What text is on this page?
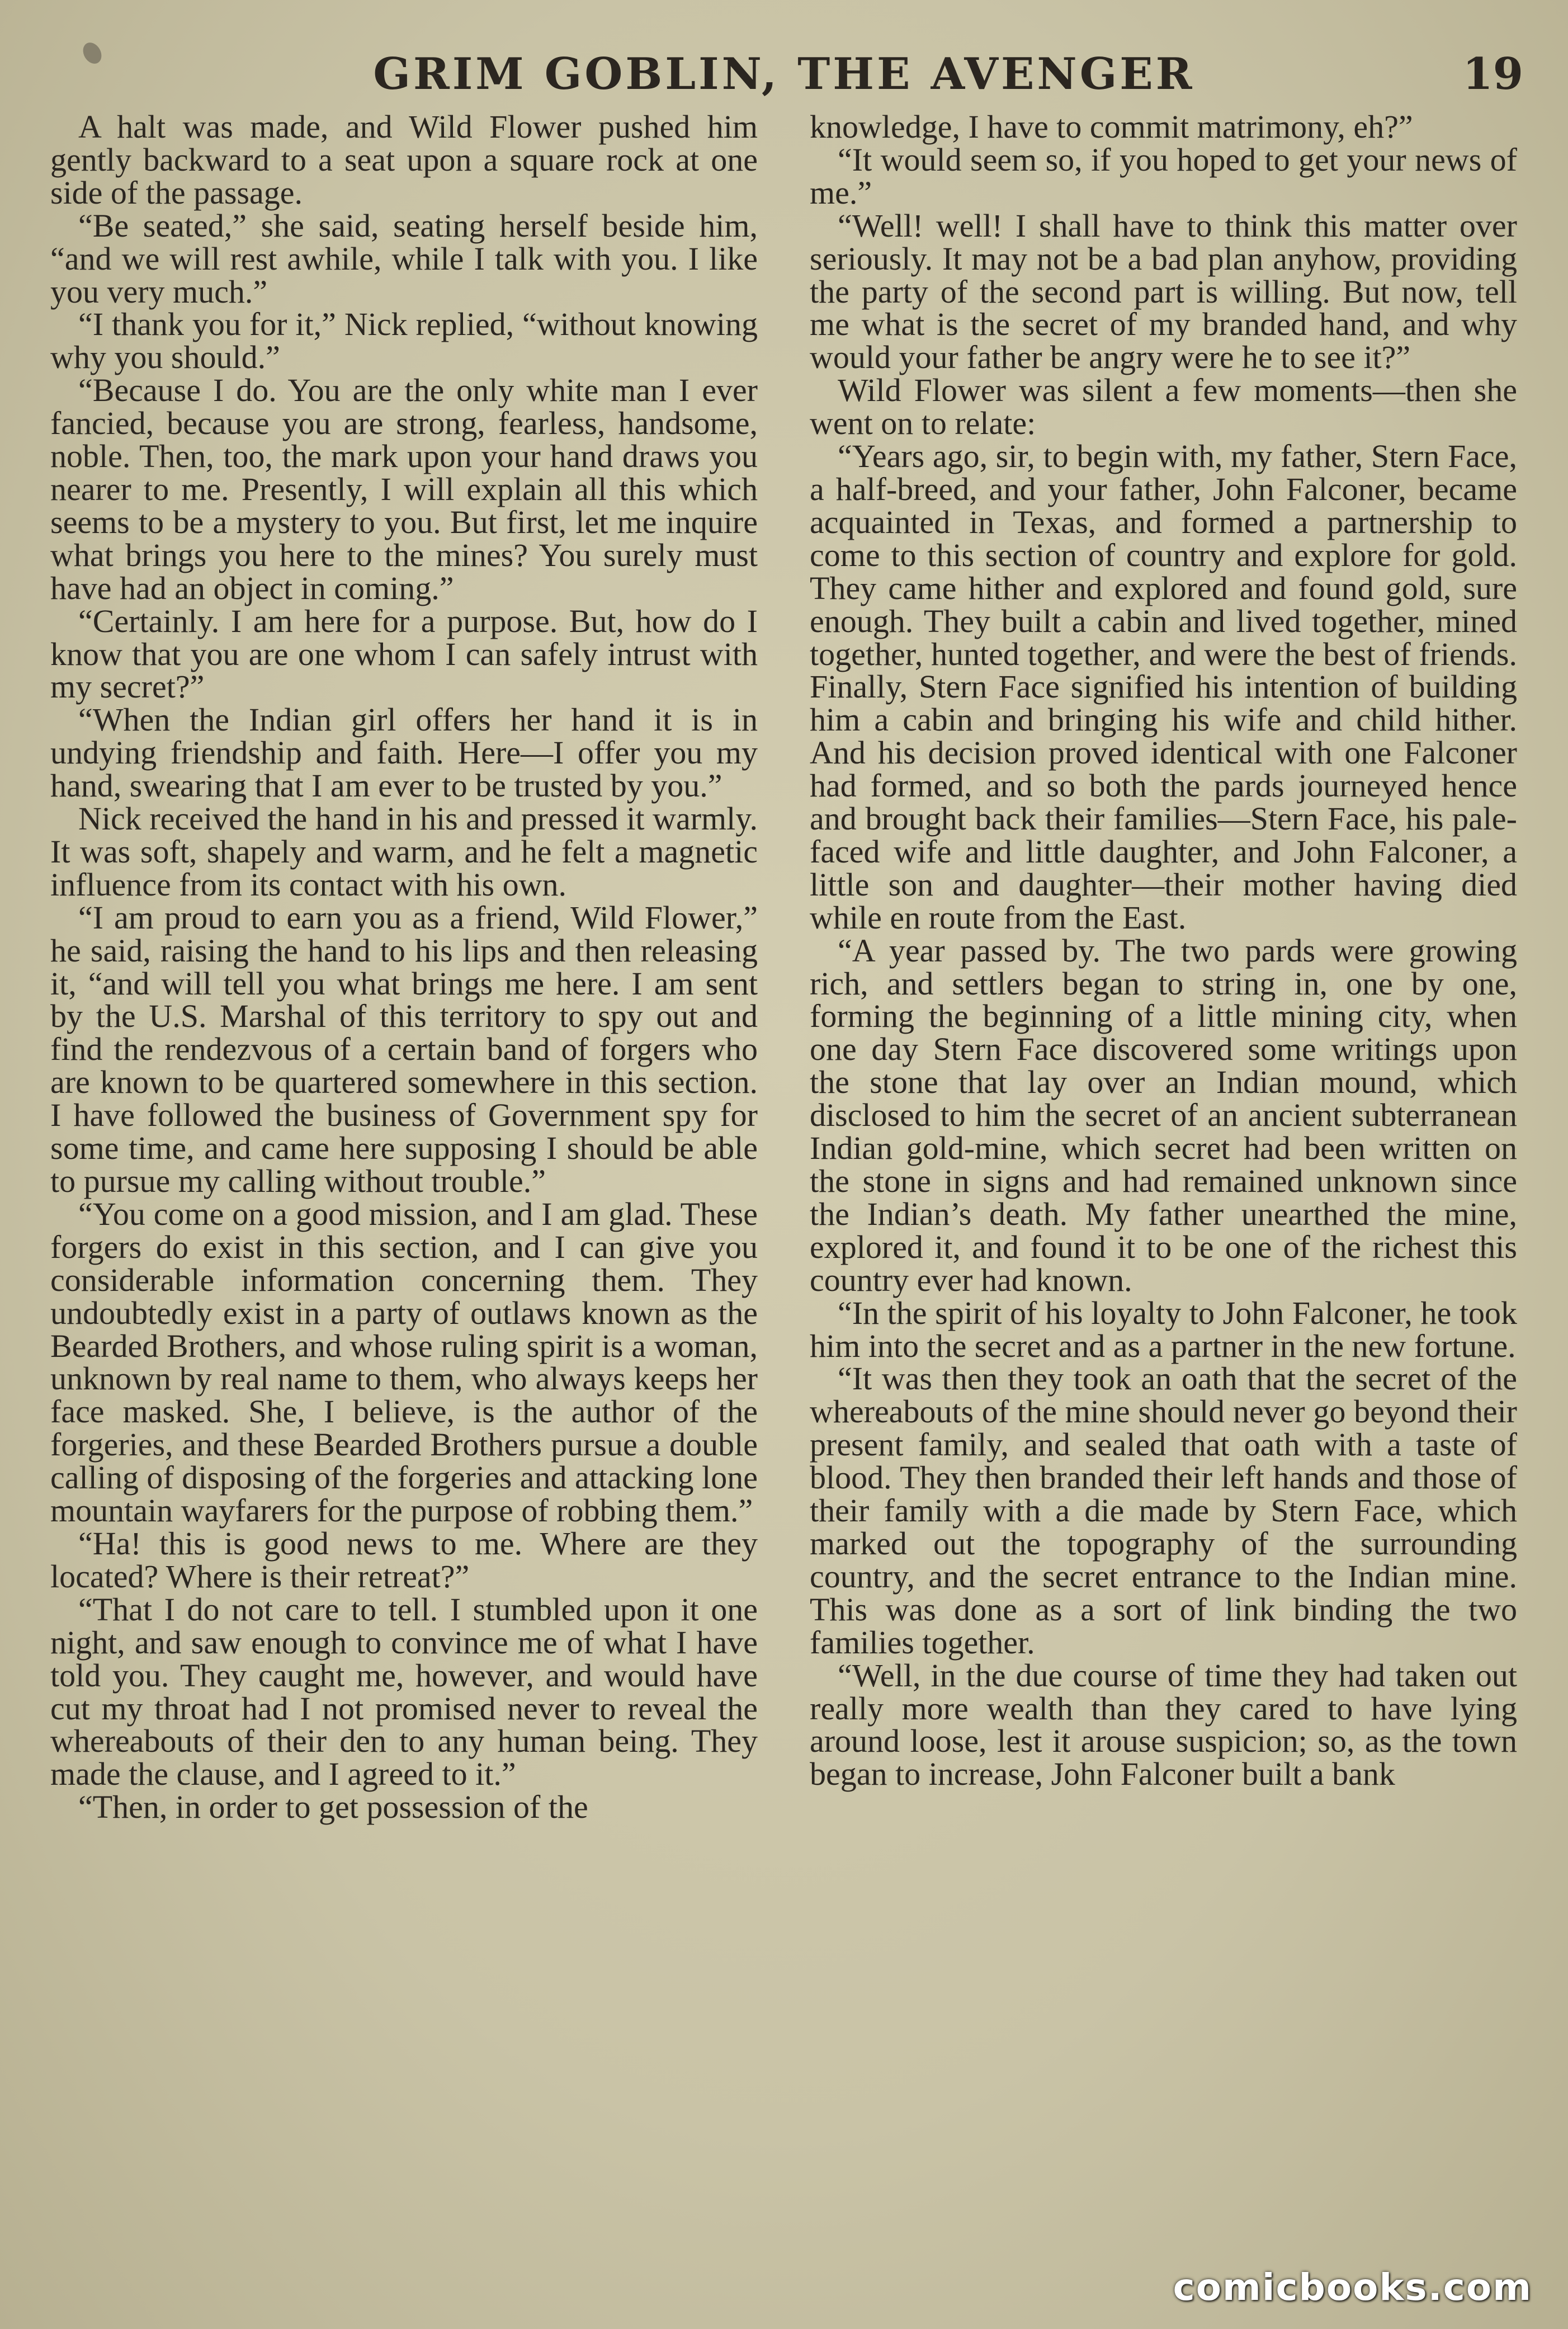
GRIM GOBLIN, THE AVENGER	19

A halt was made, and Wild Flower pushed him gently backward to a seat upon a square rock at one side of the passage.

“Be seated,” she said, seating herself beside him, “and we will rest awhile, while I talk with you. I like you very much.”

“I thank you for it,” Nick replied, “without knowing why you should.”

“Because I do. You are the only white man I ever fancied, because you are strong, fearless, handsome, noble. Then, too, the mark upon your hand draws you nearer to me. Presently, I will explain all this which seems to be a mystery to you. But first, let me inquire what brings you here to the mines? You surely must have had an object in coming.”

“Certainly. I am here for a purpose. But, how do I know that you are one whom I can safely intrust with my secret?”

“When the Indian girl offers her hand it is in undying friendship and faith. Here—I offer you my hand, swearing that I am ever to be trusted by you.”

Nick received the hand in his and pressed it warmly. It was soft, shapely and warm, and he felt a magnetic influence from its contact with his own.

“I am proud to earn you as a friend, Wild Flower,” he said, raising the hand to his lips and then releasing it, “and will tell you what brings me here. I am sent by the U.S. Marshal of this territory to spy out and find the rendezvous of a certain band of forgers who are known to be quartered somewhere in this section. I have followed the business of Government spy for some time, and came here supposing I should be able to pursue my calling without trouble.”

“You come on a good mission, and I am glad. These forgers do exist in this section, and I can give you considerable information concerning them. They undoubtedly exist in a party of outlaws known as the Bearded Brothers, and whose ruling spirit is a woman, unknown by real name to them, who always keeps her face masked. She, I believe, is the author of the forgeries, and these Bearded Brothers pursue a double calling of disposing of the forgeries and attacking lone mountain wayfarers for the purpose of robbing them.”

“Ha! this is good news to me. Where are they located? Where is their retreat?”

“That I do not care to tell. I stumbled upon it one night, and saw enough to convince me of what I have told you. They caught me, however, and would have cut my throat had I not promised never to reveal the whereabouts of their den to any human being. They made the clause, and I agreed to it.”

“Then, in order to get possession of the

knowledge, I have to commit matrimony, eh?”

“It would seem so, if you hoped to get your news of me.”

“Well! well! I shall have to think this matter over seriously. It may not be a bad plan anyhow, providing the party of the second part is willing. But now, tell me what is the secret of my branded hand, and why would your father be angry were he to see it?”

Wild Flower was silent a few moments—then she went on to relate:

“Years ago, sir, to begin with, my father, Stern Face, a half-breed, and your father, John Falconer, became acquainted in Texas, and formed a partnership to come to this section of country and explore for gold. They came hither and explored and found gold, sure enough. They built a cabin and lived together, mined together, hunted together, and were the best of friends. Finally, Stern Face signified his intention of building him a cabin and bringing his wife and child hither. And his decision proved identical with one Falconer had formed, and so both the pards journeyed hence and brought back their families—Stern Face, his pale-faced wife and little daughter, and John Falconer, a little son and daughter—their mother having died while en route from the East.

“A year passed by. The two pards were growing rich, and settlers began to string in, one by one, forming the beginning of a little mining city, when one day Stern Face discovered some writings upon the stone that lay over an Indian mound, which disclosed to him the secret of an ancient subterranean Indian gold-mine, which secret had been written on the stone in signs and had remained unknown since the Indian’s death. My father unearthed the mine, explored it, and found it to be one of the richest this country ever had known.

“In the spirit of his loyalty to John Falconer, he took him into the secret and as a partner in the new fortune.

“It was then they took an oath that the secret of the whereabouts of the mine should never go beyond their present family, and sealed that oath with a taste of blood. They then branded their left hands and those of their family with a die made by Stern Face, which marked out the topography of the surrounding country, and the secret entrance to the Indian mine. This was done as a sort of link binding the two families together.

“Well, in the due course of time they had taken out really more wealth than they cared to have lying around loose, lest it arouse suspicion; so, as the town began to increase, John Falconer built a bank

comicbooks.com
